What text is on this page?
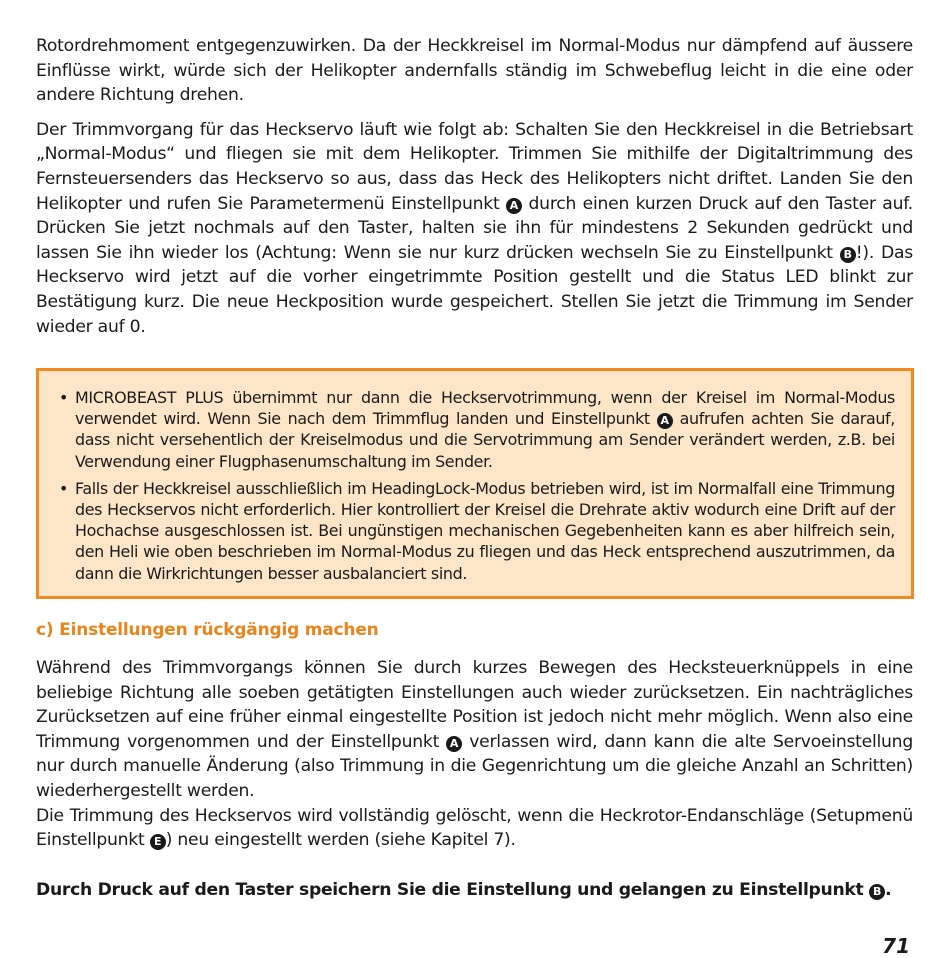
Rotordrehmoment entgegenzuwirken. Da der Heckkreisel im Normal-Modus nur dämpfend auf äussere Einflüsse wirkt, würde sich der Helikopter andernfalls ständig im Schwebeflug leicht in die eine oder andere Richtung drehen.

Der Trimmvorgang für das Heckservo läuft wie folgt ab: Schalten Sie den Heckkreisel in die Betriebsart „Normal-Modus“ und fliegen sie mit dem Helikopter. Trimmen Sie mithilfe der Digitaltrimmung des Fernsteuersenders das Heckservo so aus, dass das Heck des Helikopters nicht driftet. Landen Sie den Helikopter und rufen Sie Parametermenü Einstellpunkt A durch einen kurzen Druck auf den Taster auf. Drücken Sie jetzt nochmals auf den Taster, halten sie ihn für mindestens 2 Sekunden gedrückt und lassen Sie ihn wieder los (Achtung: Wenn sie nur kurz drücken wechseln Sie zu Einstellpunkt B !). Das Heckservo wird jetzt auf die vorher eingetrimmte Position gestellt und die Status LED blinkt zur Bestätigung kurz. Die neue Heckposition wurde gespeichert. Stellen Sie jetzt die Trimmung im Sender wieder auf 0.

• MICROBEAST PLUS übernimmt nur dann die Heckservotrimmung, wenn der Kreisel im Normal-Modus verwendet wird. Wenn Sie nach dem Trimmflug landen und Einstellpunkt A aufrufen achten Sie darauf, dass nicht versehentlich der Kreiselmodus und die Servotrimmung am Sender verändert werden, z.B. bei Verwendung einer Flugphasenumschaltung im Sender.
• Falls der Heckkreisel ausschließlich im HeadingLock-Modus betrieben wird, ist im Normalfall eine Trimmung des Heckservos nicht erforderlich. Hier kontrolliert der Kreisel die Drehrate aktiv wodurch eine Drift auf der Hochachse ausgeschlossen ist. Bei ungünstigen mechanischen Gegebenheiten kann es aber hilfreich sein, den Heli wie oben beschrieben im Normal-Modus zu fliegen und das Heck entsprechend auszutrimmen, da dann die Wirkrichtungen besser ausbalanciert sind.

c) Einstellungen rückgängig machen

Während des Trimmvorgangs können Sie durch kurzes Bewegen des Hecksteuerknüppels in eine beliebige Richtung alle soeben getätigten Einstellungen auch wieder zurücksetzen. Ein nachträgliches Zurücksetzen auf eine früher einmal eingestellte Position ist jedoch nicht mehr möglich. Wenn also eine Trimmung vorgenommen und der Einstellpunkt A verlassen wird, dann kann die alte Servoeinstellung nur durch manuelle Änderung (also Trimmung in die Gegenrichtung um die gleiche Anzahl an Schritten) wiederhergestellt werden.

Die Trimmung des Heckservos wird vollständig gelöscht, wenn die Heckrotor-Endanschläge (Setupmenü Einstellpunkt E ) neu eingestellt werden (siehe Kapitel 7).

Durch Druck auf den Taster speichern Sie die Einstellung und gelangen zu Einstellpunkt B .

71
